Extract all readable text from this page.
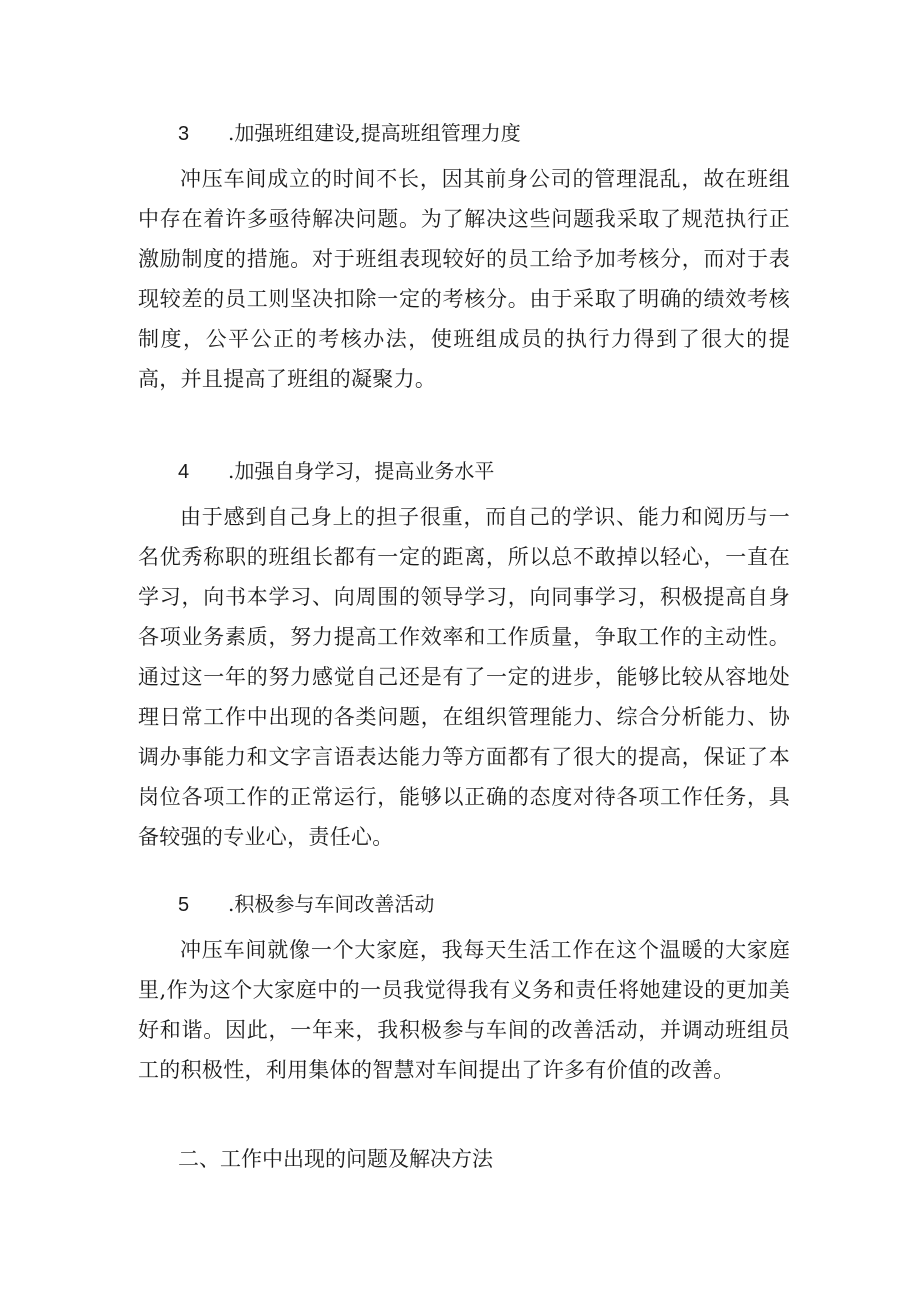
3 .加强班组建设,提高班组管理力度

冲压车间成立的时间不长，因其前身公司的管理混乱，故在班组中存在着许多亟待解决问题。为了解决这些问题我采取了规范执行正激励制度的措施。对于班组表现较好的员工给予加考核分，而对于表现较差的员工则坚决扣除一定的考核分。由于采取了明确的绩效考核制度，公平公正的考核办法，使班组成员的执行力得到了很大的提高，并且提高了班组的凝聚力。

4 .加强自身学习，提高业务水平

由于感到自己身上的担子很重，而自己的学识、能力和阅历与一名优秀称职的班组长都有一定的距离，所以总不敢掉以轻心，一直在学习，向书本学习、向周围的领导学习，向同事学习，积极提高自身各项业务素质，努力提高工作效率和工作质量，争取工作的主动性。通过这一年的努力感觉自己还是有了一定的进步，能够比较从容地处理日常工作中出现的各类问题，在组织管理能力、综合分析能力、协调办事能力和文字言语表达能力等方面都有了很大的提高，保证了本岗位各项工作的正常运行，能够以正确的态度对待各项工作任务，具备较强的专业心，责任心。

5 .积极参与车间改善活动

冲压车间就像一个大家庭，我每天生活工作在这个温暖的大家庭里,作为这个大家庭中的一员我觉得我有义务和责任将她建设的更加美好和谐。因此，一年来，我积极参与车间的改善活动，并调动班组员工的积极性，利用集体的智慧对车间提出了许多有价值的改善。

二、工作中出现的问题及解决方法
